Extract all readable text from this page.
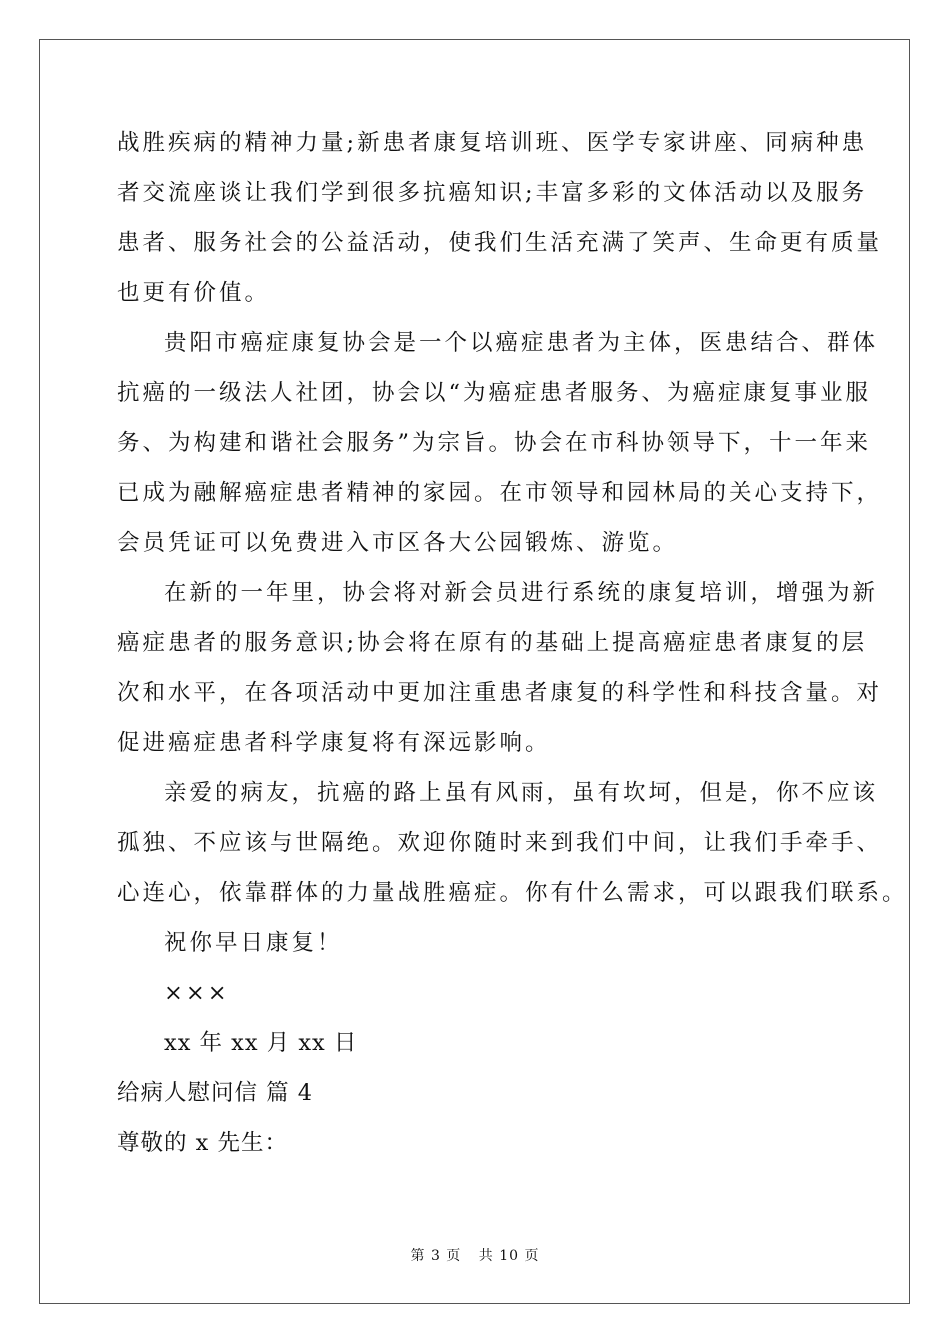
战胜疾病的精神力量;新患者康复培训班、医学专家讲座、同病种患
者交流座谈让我们学到很多抗癌知识;丰富多彩的文体活动以及服务
患者、服务社会的公益活动，使我们生活充满了笑声、生命更有质量
也更有价值。
贵阳市癌症康复协会是一个以癌症患者为主体，医患结合、群体
抗癌的一级法人社团，协会以“为癌症患者服务、为癌症康复事业服
务、为构建和谐社会服务”为宗旨。协会在市科协领导下，十一年来
已成为融解癌症患者精神的家园。在市领导和园林局的关心支持下，
会员凭证可以免费进入市区各大公园锻炼、游览。
在新的一年里，协会将对新会员进行系统的康复培训，增强为新
癌症患者的服务意识;协会将在原有的基础上提高癌症患者康复的层
次和水平，在各项活动中更加注重患者康复的科学性和科技含量。对
促进癌症患者科学康复将有深远影响。
亲爱的病友，抗癌的路上虽有风雨，虽有坎坷，但是，你不应该
孤独、不应该与世隔绝。欢迎你随时来到我们中间，让我们手牵手、
心连心，依靠群体的力量战胜癌症。你有什么需求，可以跟我们联系。
祝你早日康复！
×××
xx 年 xx 月 xx 日
给病人慰问信 篇 4
尊敬的 x 先生：
第 3 页 共 10 页
